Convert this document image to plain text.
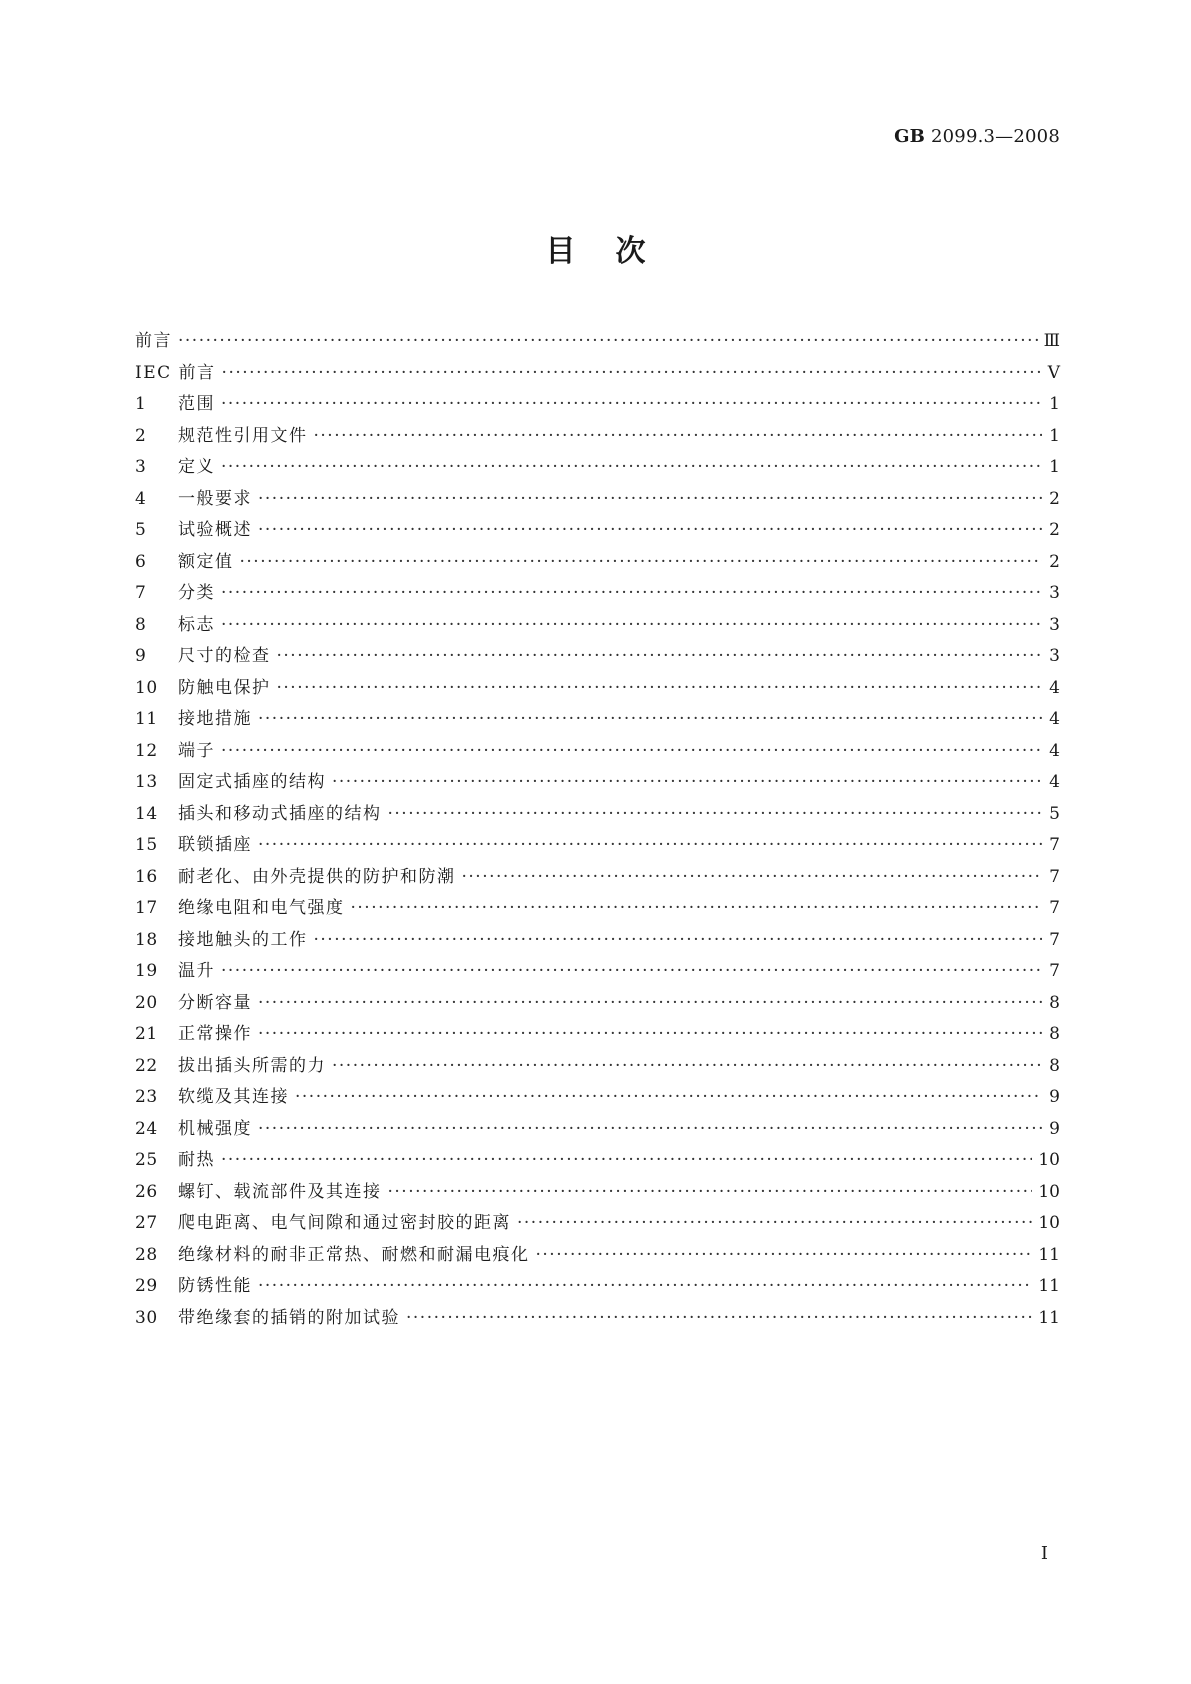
GB 2099.3—2008
目次
前言 ·····	Ⅲ
IEC 前言 ·····	Ⅴ
1	范围 ·····	1
2	规范性引用文件 ·····	1
3	定义 ·····	1
4	一般要求 ·····	2
5	试验概述 ·····	2
6	额定值 ·····	2
7	分类 ·····	3
8	标志 ·····	3
9	尺寸的检查 ·····	3
10	防触电保护 ·····	4
11	接地措施 ·····	4
12	端子 ·····	4
13	固定式插座的结构 ·····	4
14	插头和移动式插座的结构 ·····	5
15	联锁插座 ·····	7
16	耐老化、由外壳提供的防护和防潮 ·····	7
17	绝缘电阻和电气强度 ·····	7
18	接地触头的工作 ·····	7
19	温升 ·····	7
20	分断容量 ·····	8
21	正常操作 ·····	8
22	拔出插头所需的力 ·····	8
23	软缆及其连接 ·····	9
24	机械强度 ·····	9
25	耐热 ·····	10
26	螺钉、载流部件及其连接 ·····	10
27	爬电距离、电气间隙和通过密封胶的距离 ·····	10
28	绝缘材料的耐非正常热、耐燃和耐漏电痕化 ·····	11
29	防锈性能 ·····	11
30	带绝缘套的插销的附加试验 ·····	11
I
